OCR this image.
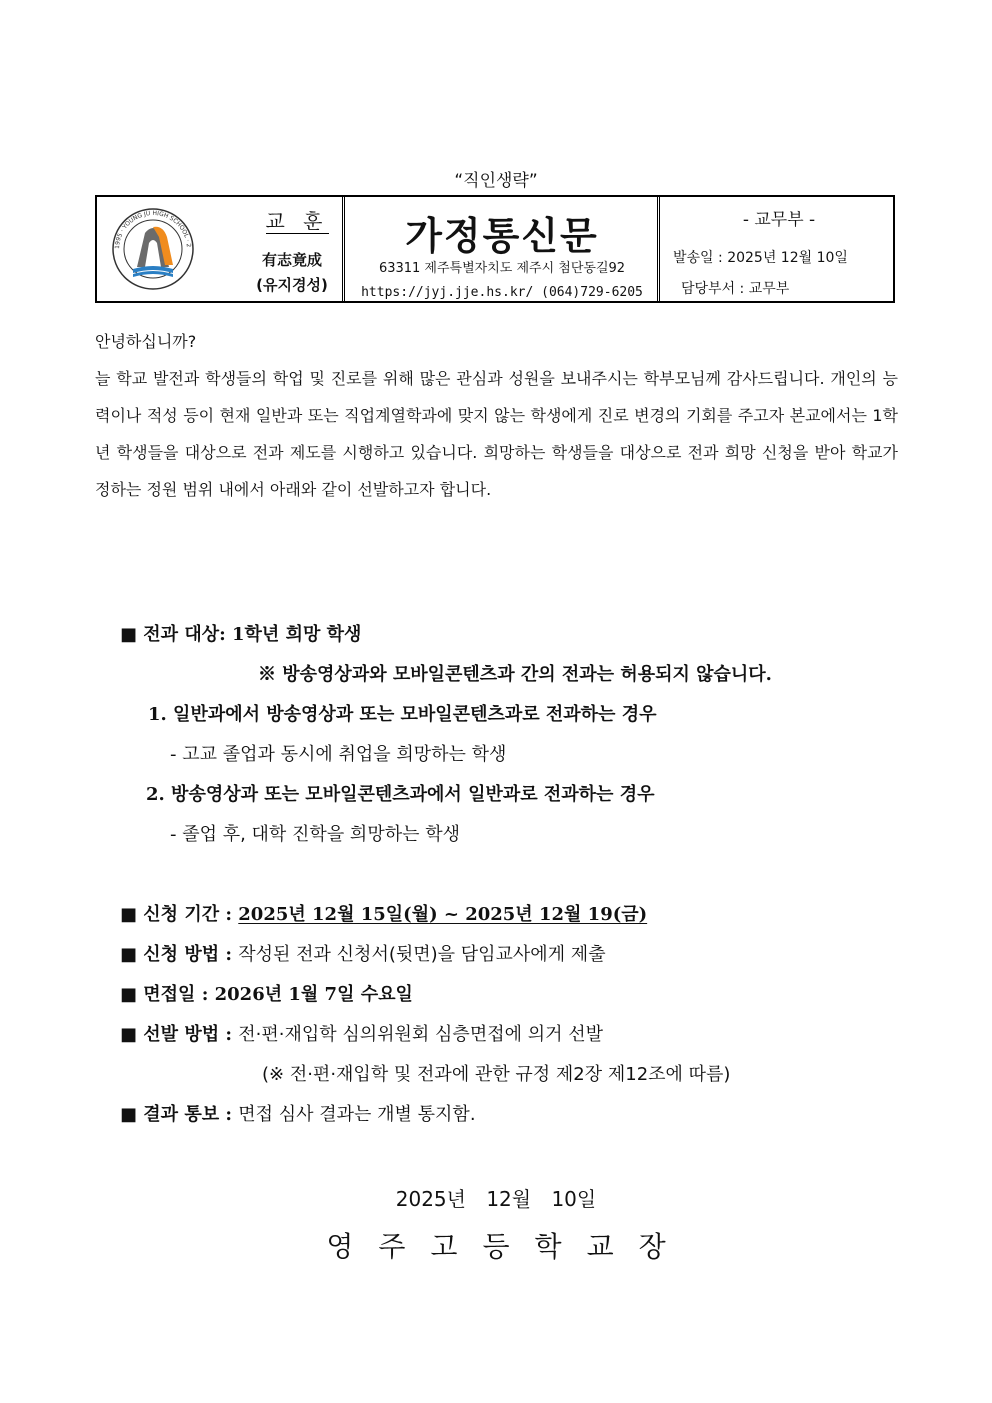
“직인생략”
1995 · YOUNG JU HIGH SCHOOL · 2
교 훈
有志竟成
(유지경성)
가정통신문
63311 제주특별자치도 제주시 첨단동길92
https://jyj.jje.hs.kr/ (064)729-6205
- 교무부 -
발송일 : 2025년 12월 10일
담당부서 : 교무부

안녕하십니까?

늘 학교 발전과 학생들의 학업 및 진로를 위해 많은 관심과 성원을 보내주시는 학부모님께 감사드립니다. 개인의 능력이나 적성 등이 현재 일반과 또는 직업계열학과에 맞지 않는 학생에게 진로 변경의 기회를 주고자 본교에서는 1학년 학생들을 대상으로 전과 제도를 시행하고 있습니다. 희망하는 학생들을 대상으로 전과 희망 신청을 받아 학교가 정하는 정원 범위 내에서 아래와 같이 선발하고자 합니다.

■ 전과 대상: 1학년 희망 학생
※ 방송영상과와 모바일콘텐츠과 간의 전과는 허용되지 않습니다.
1. 일반과에서 방송영상과 또는 모바일콘텐츠과로 전과하는 경우
- 고교 졸업과 동시에 취업을 희망하는 학생
2. 방송영상과 또는 모바일콘텐츠과에서 일반과로 전과하는 경우
- 졸업 후, 대학 진학을 희망하는 학생
■ 신청 기간 : 2025년 12월 15일(월) ~ 2025년 12월 19(금)
■ 신청 방법 : 작성된 전과 신청서(뒷면)을 담임교사에게 제출
■ 면접일 : 2026년 1월 7일 수요일
■ 선발 방법 : 전·편·재입학 심의위원회 심층면접에 의거 선발
(※ 전·편·재입학 및 전과에 관한 규정 제2장 제12조에 따름)
■ 결과 통보 : 면접 심사 결과는 개별 통지함.
2025년 12월 10일
영주고등학교장
